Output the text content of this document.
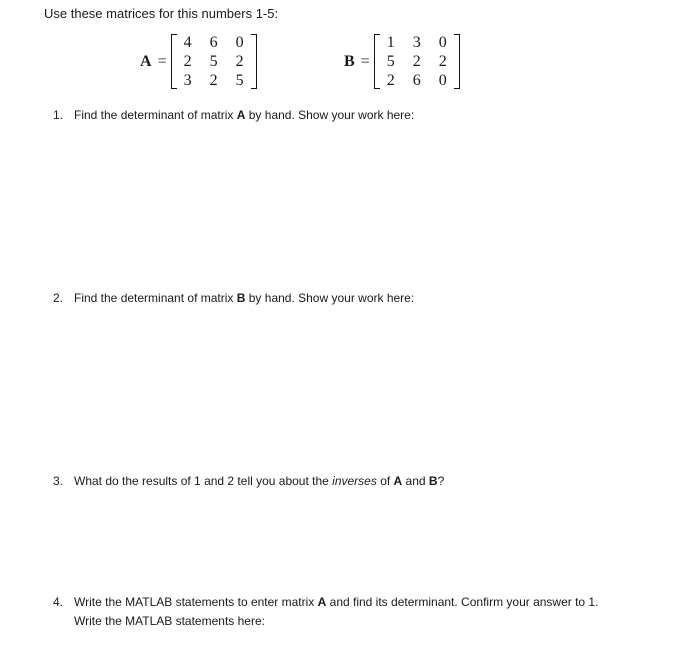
Use these matrices for this numbers 1-5:
A =
4	6	0
2	5	2
3	2	5
B =
1	3	0
5	2	2
2	6	0
1. Find the determinant of matrix A by hand. Show your work here:
2. Find the determinant of matrix B by hand. Show your work here:
3. What do the results of 1 and 2 tell you about the inverses of A and B?
4. Write the MATLAB statements to enter matrix A and find its determinant. Confirm your answer to 1.
Write the MATLAB statements here:
